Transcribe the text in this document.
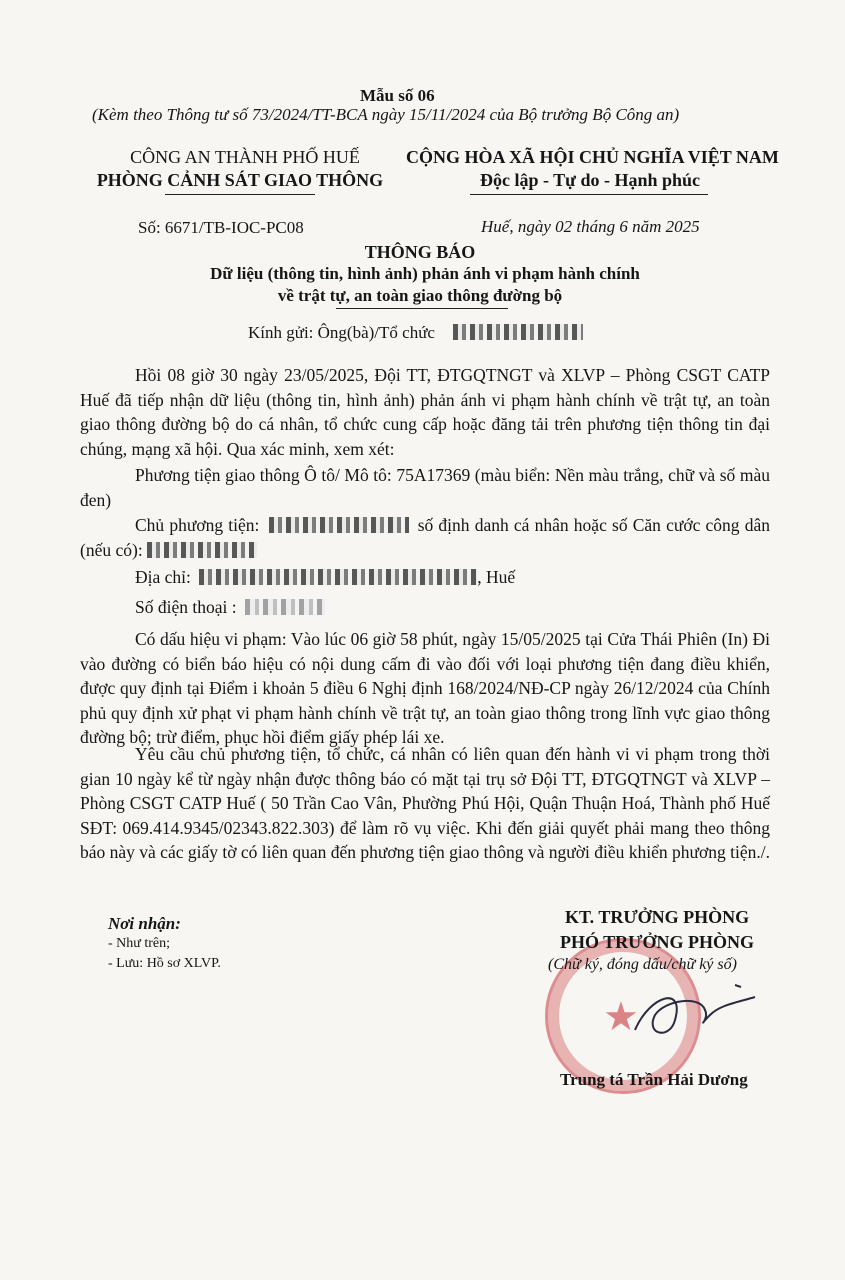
Mẫu số 06
(Kèm theo Thông tư số 73/2024/TT-BCA ngày 15/11/2024 của Bộ trưởng Bộ Công an)
CÔNG AN THÀNH PHỐ HUẾ
PHÒNG CẢNH SÁT GIAO THÔNG
CỘNG HÒA XÃ HỘI CHỦ NGHĨA VIỆT NAM
Độc lập - Tự do - Hạnh phúc
Số: 6671/TB-IOC-PC08	Huế, ngày 02 tháng 6 năm 2025
THÔNG BÁO
Dữ liệu (thông tin, hình ảnh) phản ánh vi phạm hành chính
về trật tự, an toàn giao thông đường bộ
Kính gửi: Ông(bà)/Tổ chức
Hồi 08 giờ 30 ngày 23/05/2025, Đội TT, ĐTGQTNGT và XLVP – Phòng CSGT CATP Huế đã tiếp nhận dữ liệu (thông tin, hình ảnh) phản ánh vi phạm hành chính về trật tự, an toàn giao thông đường bộ do cá nhân, tổ chức cung cấp hoặc đăng tải trên phương tiện thông tin đại chúng, mạng xã hội. Qua xác minh, xem xét:
Phương tiện giao thông Ô tô/ Mô tô: 75A17369 (màu biển: Nền màu trắng, chữ và số màu đen)
Chủ phương tiện:	số định danh cá nhân hoặc số Căn cước công dân (nếu có):
Địa chỉ:	, Huế
Số điện thoại :
Có dấu hiệu vi phạm: Vào lúc 06 giờ 58 phút, ngày 15/05/2025 tại Cửa Thái Phiên (In) Đi vào đường có biển báo hiệu có nội dung cấm đi vào đối với loại phương tiện đang điều khiển, được quy định tại Điểm i khoản 5 điều 6 Nghị định 168/2024/NĐ-CP ngày 26/12/2024 của Chính phủ quy định xử phạt vi phạm hành chính về trật tự, an toàn giao thông trong lĩnh vực giao thông đường bộ; trừ điểm, phục hồi điểm giấy phép lái xe.
Yêu cầu chủ phương tiện, tổ chức, cá nhân có liên quan đến hành vi vi phạm trong thời gian 10 ngày kể từ ngày nhận được thông báo có mặt tại trụ sở Đội TT, ĐTGQTNGT và XLVP – Phòng CSGT CATP Huế ( 50 Trần Cao Vân, Phường Phú Hội, Quận Thuận Hoá, Thành phố Huế SĐT: 069.414.9345/02343.822.303) để làm rõ vụ việc. Khi đến giải quyết phải mang theo thông báo này và các giấy tờ có liên quan đến phương tiện giao thông và người điều khiển phương tiện./.
Nơi nhận:
- Như trên;
- Lưu: Hồ sơ XLVP.
★
KT. TRƯỞNG PHÒNG
PHÓ TRƯỞNG PHÒNG
(Chữ ký, đóng dấu/chữ ký số)
Trung tá Trần Hải Dương
